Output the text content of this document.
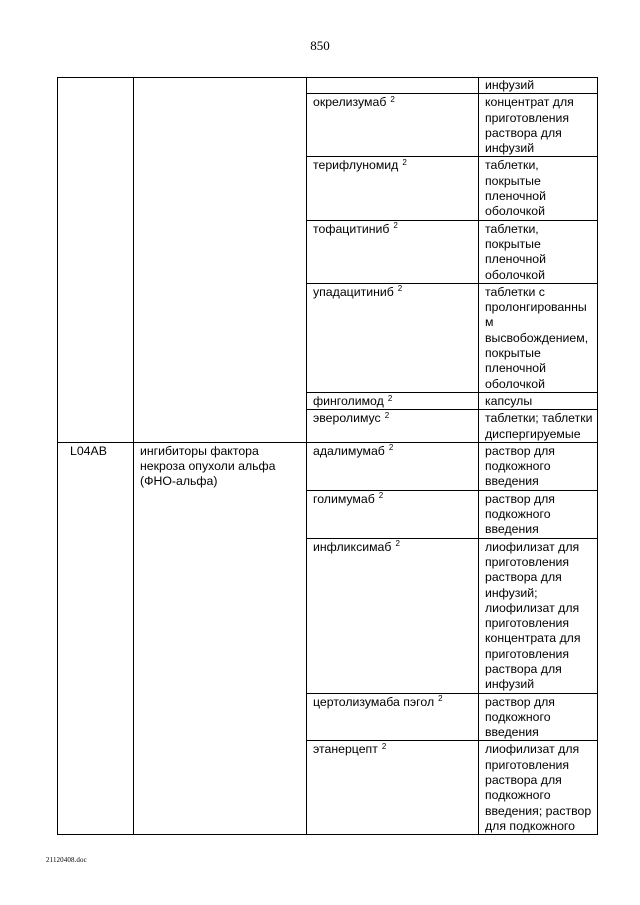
850
			инфузий
		окрелизумаб $^2$	концентрат для приготовления раствора для инфузий
		терифлуномид $^2$	таблетки, покрытые пленочной оболочкой
		тофацитиниб $^2$	таблетки, покрытые пленочной оболочкой
		упадацитиниб $^2$	таблетки с пролонгированны м высвобождением, покрытые пленочной оболочкой
		финголимод $^2$	капсулы
		эверолимус $^2$	таблетки; таблетки диспергируемые
L04AB	ингибиторы фактора некроза опухоли альфа (ФНО-альфа)	адалимумаб $^2$	раствор для подкожного введения
		голимумаб $^2$	раствор для подкожного введения
		инфликсимаб $^2$	лиофилизат для приготовления раствора для инфузий; лиофилизат для приготовления концентрата для приготовления раствора для инфузий
		цертолизумаба пэгол $^2$	раствор для подкожного введения
		этанерцепт $^2$	лиофилизат для приготовления раствора для подкожного введения; раствор для подкожного
21120408.doc
